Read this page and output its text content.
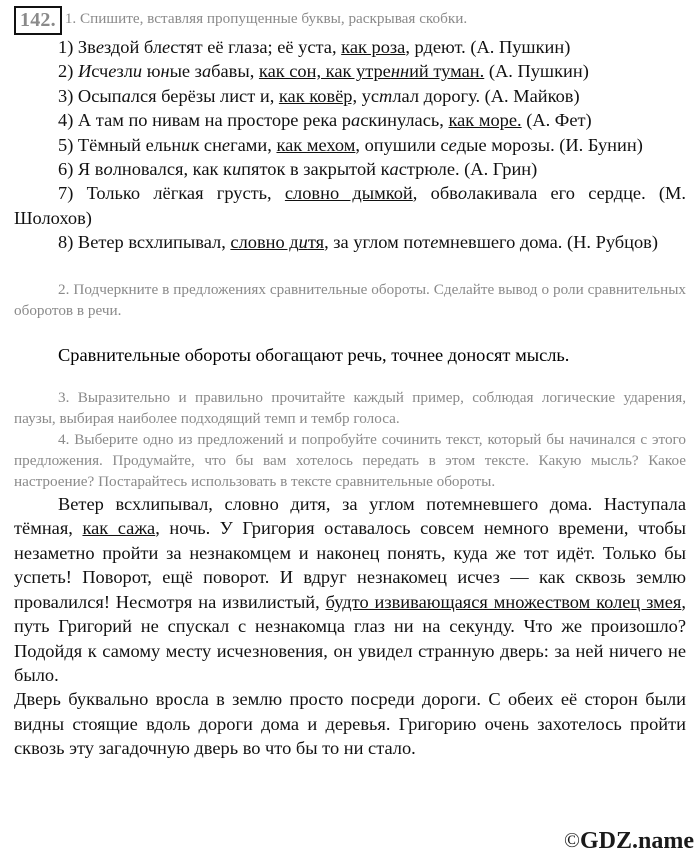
142. 1. Спишите, вставляя пропущенные буквы, раскрывая скобки.

1) Звездой блестят её глаза; её уста, как роза, рдеют. (А. Пушкин)

2) Исчезли юные забавы, как сон, как утренний туман. (А. Пушкин)

3) Осыпался берёзы лист и, как ковёр, устлал дорогу. (А. Майков)

4) А там по нивам на просторе река раскинулась, как море. (А. Фет)

5) Тёмный ельник снегами, как мехом, опушили седые морозы. (И. Бунин)

6) Я волновался, как кипяток в закрытой кастрюле. (А. Грин)

7) Только лёгкая грусть, словно дымкой, обволакивала его сердце. (М. Шолохов)

8) Ветер всхлипывал, словно дитя, за углом потемневшего дома. (Н. Рубцов)

2. Подчеркните в предложениях сравнительные обороты. Сделайте вывод о роли сравнительных оборотов в речи.

Сравнительные обороты обогащают речь, точнее доносят мысль.

3. Выразительно и правильно прочитайте каждый пример, соблюдая логические ударения, паузы, выбирая наиболее подходящий темп и тембр голоса.

4. Выберите одно из предложений и попробуйте сочинить текст, который бы начинался с этого предложения. Продумайте, что бы вам хотелось передать в этом тексте. Какую мысль? Какое настроение? Постарайтесь использовать в тексте сравнительные обороты.

Ветер всхлипывал, словно дитя, за углом потемневшего дома. Наступала тёмная, как сажа, ночь. У Григория оставалось совсем немного времени, чтобы незаметно пройти за незнакомцем и наконец понять, куда же тот идёт. Только бы успеть! Поворот, ещё поворот. И вдруг незнакомец исчез — как сквозь землю провалился! Несмотря на извилистый, будто извивающаяся множеством колец змея, путь Григорий не спускал с незнакомца глаз ни на секунду. Что же произошло? Подойдя к самому месту исчезновения, он увидел странную дверь: за ней ничего не было.

Дверь буквально вросла в землю просто посреди дороги. С обеих её сторон были видны стоящие вдоль дороги дома и деревья. Григорию очень захотелось пройти сквозь эту загадочную дверь во что бы то ни стало.

©GDZ.name
